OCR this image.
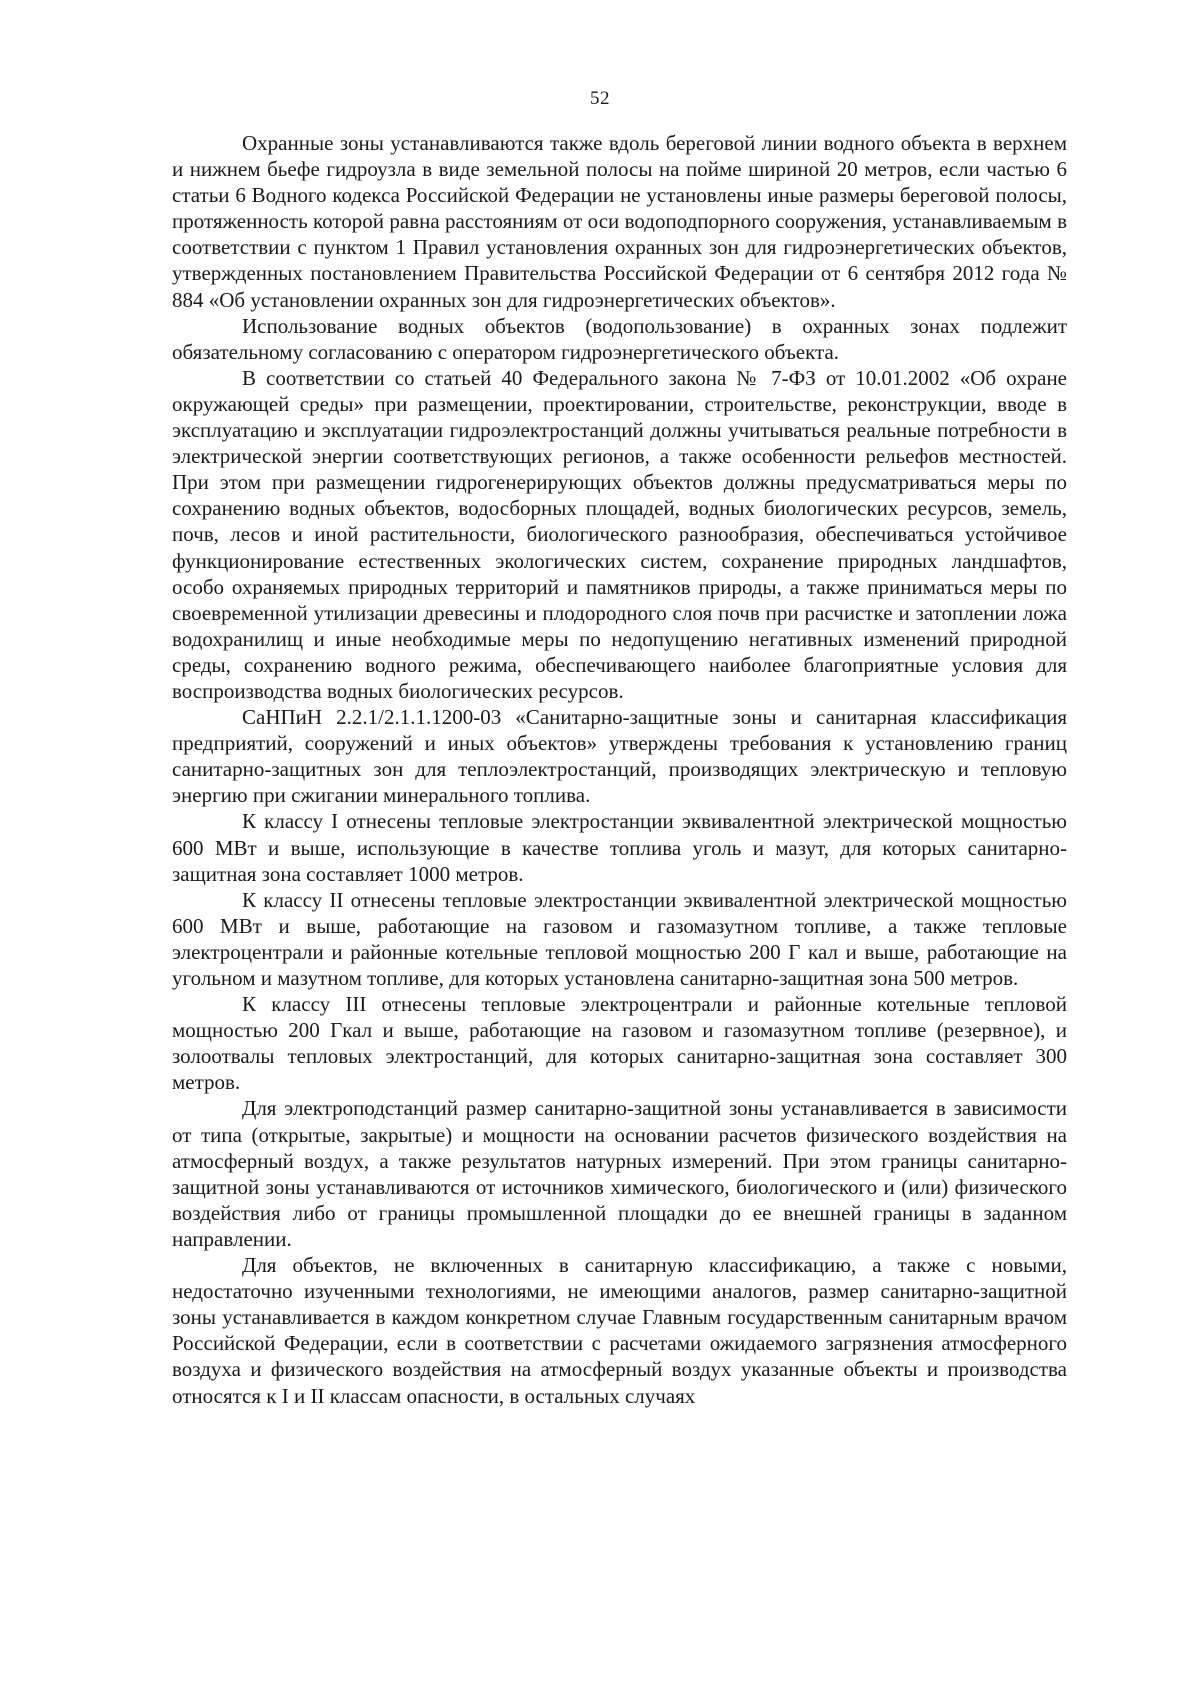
52

Охранные зоны устанавливаются также вдоль береговой линии водного объекта в верхнем и нижнем бьефе гидроузла в виде земельной полосы на пойме шириной 20 метров, если частью 6 статьи 6 Водного кодекса Российской Федерации не установлены иные размеры береговой полосы, протяженность которой равна расстояниям от оси водоподпорного сооружения, устанавливаемым в соответствии с пунктом 1 Правил установления охранных зон для гидроэнергетических объектов, утвержденных постановлением Правительства Российской Федерации от 6 сентября 2012 года № 884 «Об установлении охранных зон для гидроэнергетических объектов».

Использование водных объектов (водопользование) в охранных зонах подлежит обязательному согласованию с оператором гидроэнергетического объекта.

В соответствии со статьей 40 Федерального закона № 7-ФЗ от 10.01.2002 «Об охране окружающей среды» при размещении, проектировании, строительстве, реконструкции, вводе в эксплуатацию и эксплуатации гидроэлектростанций должны учитываться реальные потребности в электрической энергии соответствующих регионов, а также особенности рельефов местностей. При этом при размещении гидрогенерирующих объектов должны предусматриваться меры по сохранению водных объектов, водосборных площадей, водных биологических ресурсов, земель, почв, лесов и иной растительности, биологического разнообразия, обеспечиваться устойчивое функционирование естественных экологических систем, сохранение природных ландшафтов, особо охраняемых природных территорий и памятников природы, а также приниматься меры по своевременной утилизации древесины и плодородного слоя почв при расчистке и затоплении ложа водохранилищ и иные необходимые меры по недопущению негативных изменений природной среды, сохранению водного режима, обеспечивающего наиболее благоприятные условия для воспроизводства водных биологических ресурсов.

СаНПиН 2.2.1/2.1.1.1200-03 «Санитарно-защитные зоны и санитарная классификация предприятий, сооружений и иных объектов» утверждены требования к установлению границ санитарно-защитных зон для теплоэлектростанций, производящих электрическую и тепловую энергию при сжигании минерального топлива.

К классу I отнесены тепловые электростанции эквивалентной электрической мощностью 600 МВт и выше, использующие в качестве топлива уголь и мазут, для которых санитарно-защитная зона составляет 1000 метров.

К классу II отнесены тепловые электростанции эквивалентной электрической мощностью 600 МВт и выше, работающие на газовом и газомазутном топливе, а также тепловые электроцентрали и районные котельные тепловой мощностью 200 Г кал и выше, работающие на угольном и мазутном топливе, для которых установлена санитарно-защитная зона 500 метров.

К классу III отнесены тепловые электроцентрали и районные котельные тепловой мощностью 200 Гкал и выше, работающие на газовом и газомазутном топливе (резервное), и золоотвалы тепловых электростанций, для которых санитарно-защитная зона составляет 300 метров.

Для электроподстанций размер санитарно-защитной зоны устанавливается в зависимости от типа (открытые, закрытые) и мощности на основании расчетов физического воздействия на атмосферный воздух, а также результатов натурных измерений. При этом границы санитарно-защитной зоны устанавливаются от источников химического, биологического и (или) физического воздействия либо от границы промышленной площадки до ее внешней границы в заданном направлении.

Для объектов, не включенных в санитарную классификацию, а также с новыми, недостаточно изученными технологиями, не имеющими аналогов, размер санитарно-защитной зоны устанавливается в каждом конкретном случае Главным государственным санитарным врачом Российской Федерации, если в соответствии с расчетами ожидаемого загрязнения атмосферного воздуха и физического воздействия на атмосферный воздух указанные объекты и производства относятся к I и II классам опасности, в остальных случаях
